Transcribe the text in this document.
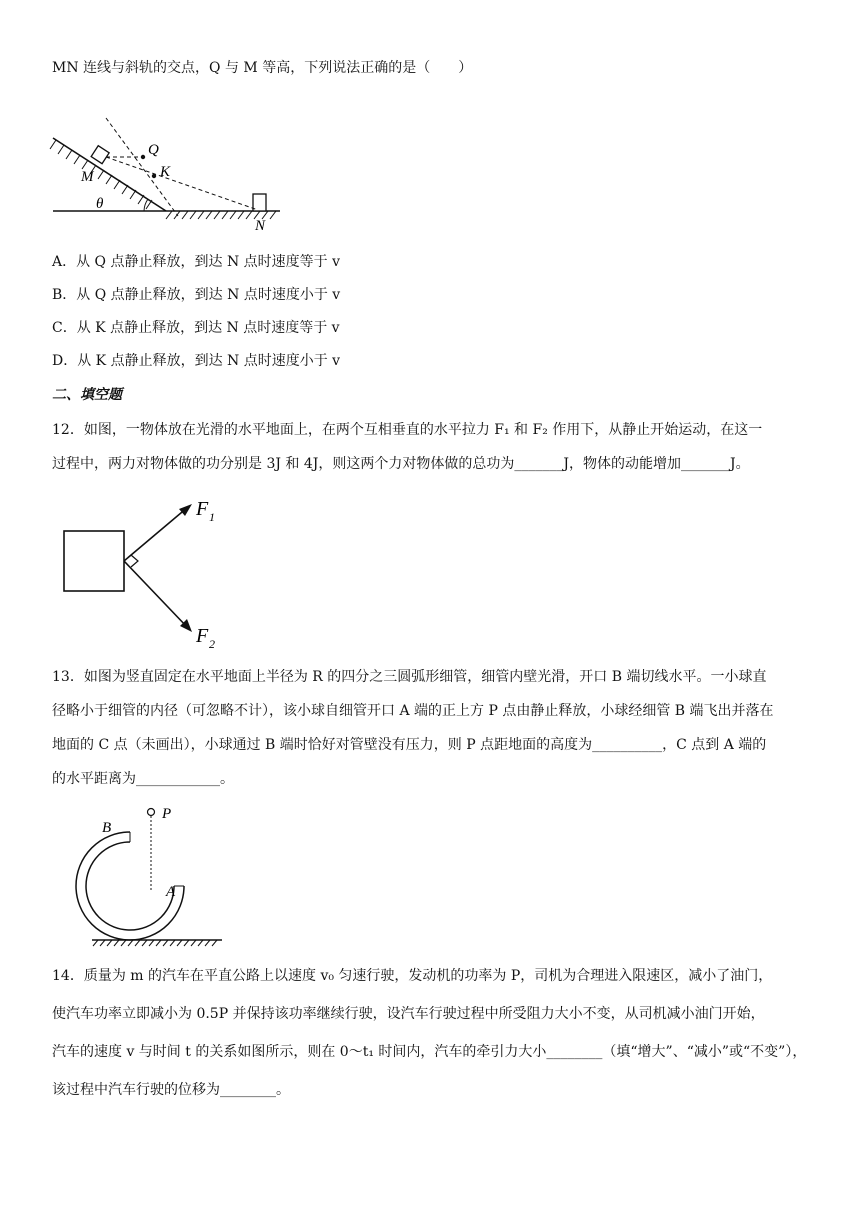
MN 连线与斜轨的交点，Q 与 M 等高，下列说法正确的是（　　）
Q
K
M
N
θ
A．从 Q 点静止释放，到达 N 点时速度等于 v
B．从 Q 点静止释放，到达 N 点时速度小于 v
C．从 K 点静止释放，到达 N 点时速度等于 v
D．从 K 点静止释放，到达 N 点时速度小于 v
二、填空题
12．如图，一物体放在光滑的水平地面上，在两个互相垂直的水平拉力 F₁ 和 F₂ 作用下，从静止开始运动，在这一
过程中，两力对物体做的功分别是 3J 和 4J，则这两个力对物体做的总功为_______J，物体的动能增加_______J。
F 1
F 2
13．如图为竖直固定在水平地面上半径为 R 的四分之三圆弧形细管，细管内壁光滑，开口 B 端切线水平。一小球直
径略小于细管的内径（可忽略不计），该小球自细管开口 A 端的正上方 P 点由静止释放，小球经细管 B 端飞出并落在
地面的 C 点（未画出），小球通过 B 端时恰好对管壁没有压力，则 P 点距地面的高度为__________，C 点到 A 端的
的水平距离为____________。
B
P
A
14．质量为 m 的汽车在平直公路上以速度 v₀ 匀速行驶，发动机的功率为 P，司机为合理进入限速区，减小了油门，
使汽车功率立即减小为 0.5P 并保持该功率继续行驶，设汽车行驶过程中所受阻力大小不变，从司机减小油门开始，
汽车的速度 v 与时间 t 的关系如图所示，则在 0～t₁ 时间内，汽车的牵引力大小________（填“增大”、“减小”或“不变”），
该过程中汽车行驶的位移为________。
